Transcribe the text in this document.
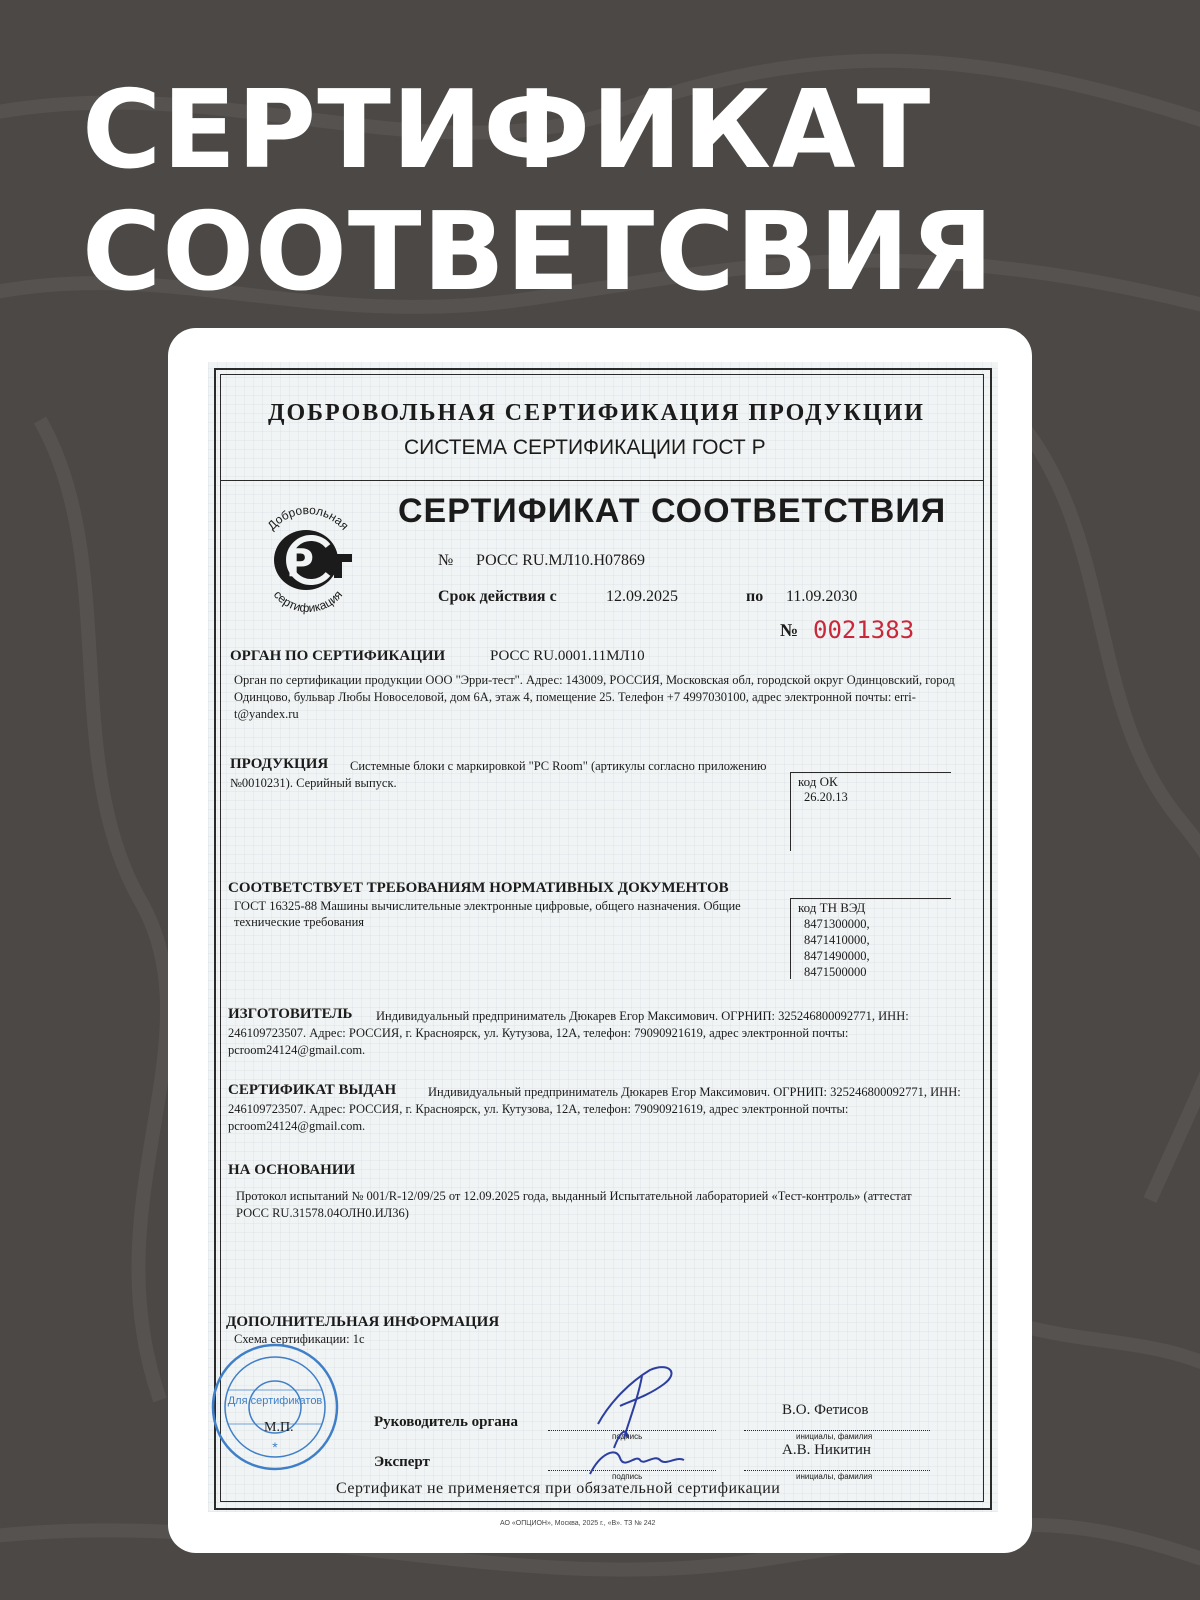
СЕРТИФИКАТ
СООТВЕТСВИЯ
ДОБРОВОЛЬНАЯ СЕРТИФИКАЦИЯ ПРОДУКЦИИ
СИСТЕМА СЕРТИФИКАЦИИ ГОСТ Р
Добровольная
сертификация
P
СЕРТИФИКАТ СООТВЕТСТВИЯ
№ РОСС RU.МЛ10.Н07869
Срок действия с	12.09.2025	по 11.09.2030
№ 0021383
ОРГАН ПО СЕРТИФИКАЦИИ	РОСС RU.0001.11МЛ10
Орган по сертификации продукции ООО "Эрри-тест". Адрес: 143009, РОССИЯ, Московская обл, городской округ Одинцовский, город Одинцово, бульвар Любы Новоселовой, дом 6А, этаж 4, помещение 25. Телефон +7 4997030100, адрес электронной почты: erri-t@yandex.ru
ПРОДУКЦИЯ	Системные блоки с маркировкой "PC Room" (артикулы согласно приложению №0010231). Серийный выпуск.	код ОК
26.20.13
СООТВЕТСТВУЕТ ТРЕБОВАНИЯМ НОРМАТИВНЫХ ДОКУМЕНТОВ
ГОСТ 16325-88 Машины вычислительные электронные цифровые, общего назначения. Общие технические требования
код ТН ВЭД
8471300000,
8471410000,
8471490000,
8471500000
ИЗГОТОВИТЕЛЬ	Индивидуальный предприниматель Дюкарев Егор Максимович. ОГРНИП: 325246800092771, ИНН: 246109723507. Адрес: РОССИЯ, г. Красноярск, ул. Кутузова, 12А, телефон: 79090921619, адрес электронной почты: pcroom24124@gmail.com.
СЕРТИФИКАТ ВЫДАН	Индивидуальный предприниматель Дюкарев Егор Максимович. ОГРНИП: 325246800092771, ИНН: 246109723507. Адрес: РОССИЯ, г. Красноярск, ул. Кутузова, 12А, телефон: 79090921619, адрес электронной почты: pcroom24124@gmail.com.
НА ОСНОВАНИИ
Протокол испытаний № 001/R-12/09/25 от 12.09.2025 года, выданный Испытательной лабораторией «Тест-контроль» (аттестат РОСС RU.31578.04ОЛН0.ИЛ36)
ДОПОЛНИТЕЛЬНАЯ ИНФОРМАЦИЯ
Схема сертификации: 1с
Для сертификатов
*
М.П.	Руководитель органа
подпись
В.О. Фетисов
инициалы, фамилия
Эксперт
подпись
А.В. Никитин
инициалы, фамилия
Сертификат не применяется при обязательной сертификации
АО «ОПЦИОН», Москва, 2025 г., «В». ТЗ № 242
